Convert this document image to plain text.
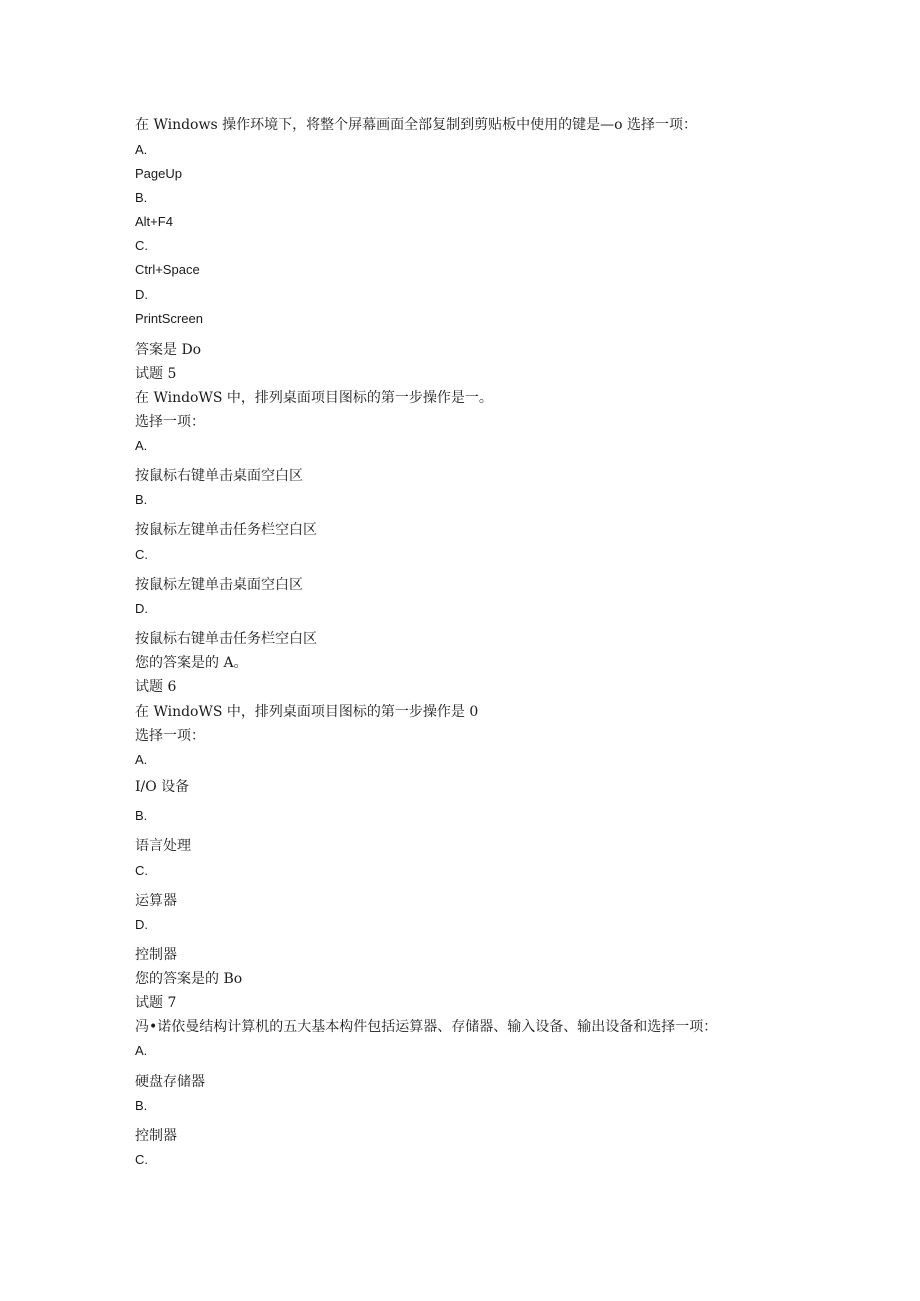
在 Windows 操作环境下，将整个屏幕画面全部复制到剪贴板中使用的键是—o 选择一项：
A.
PageUp
B.
Alt+F4
C.
Ctrl+Space
D.
PrintScreen
答案是 Do
试题 5
在 WindoWS 中，排列桌面项目图标的第一步操作是一。
选择一项：
A.
按鼠标右键单击桌面空白区
B.
按鼠标左键单击任务栏空白区
C.
按鼠标左键单击桌面空白区
D.
按鼠标右键单击任务栏空白区
您的答案是的 A。
试题 6
在 WindoWS 中，排列桌面项目图标的第一步操作是 0
选择一项：
A.
I/O 设备
B.
语言处理
C.
运算器
D.
控制器
您的答案是的 Bo
试题 7
冯•诺依曼结构计算机的五大基本构件包括运算器、存储器、输入设备、输出设备和选择一项：
A.
硬盘存储器
B.
控制器
C.
